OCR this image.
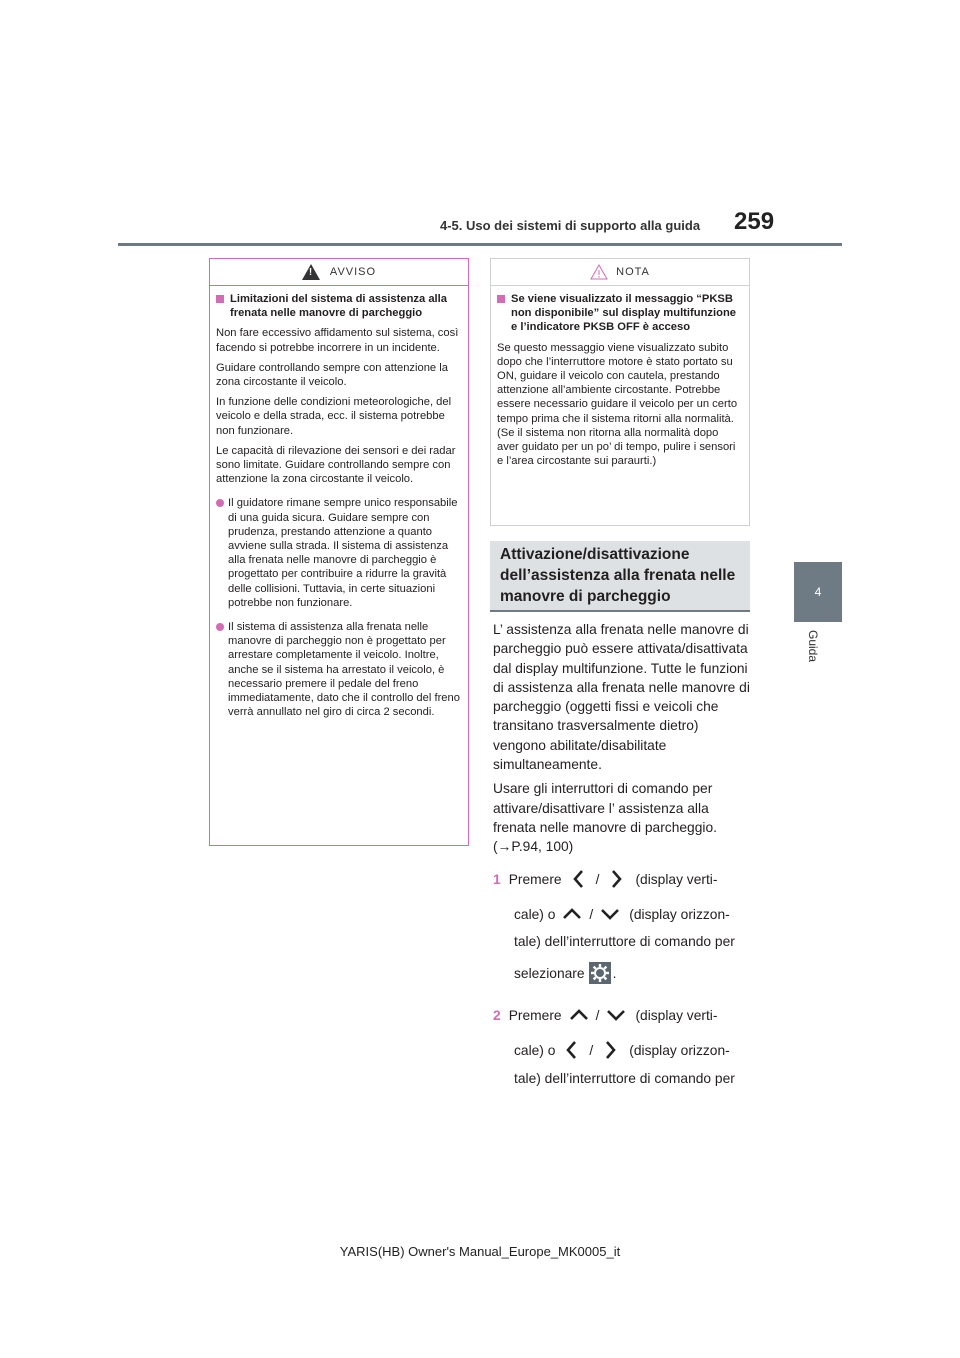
4-5. Uso dei sistemi di supporto alla guida 259
4
Guida
! AVVISO
Limitazioni del sistema di assistenza alla frenata nelle manovre di parcheggio

Non fare eccessivo affidamento sul sistema, così facendo si potrebbe incorrere in un incidente.

Guidare controllando sempre con attenzione la zona circostante il veicolo.

In funzione delle condizioni meteorologiche, del veicolo e della strada, ecc. il sistema potrebbe non funzionare.

Le capacità di rilevazione dei sensori e dei radar sono limitate. Guidare controllando sempre con attenzione la zona circostante il veicolo.

Il guidatore rimane sempre unico responsabile di una guida sicura. Guidare sempre con prudenza, prestando attenzione a quanto avviene sulla strada. Il sistema di assistenza alla frenata nelle manovre di parcheggio è progettato per contribuire a ridurre la gravità delle collisioni. Tuttavia, in certe situazioni potrebbe non funzionare.
Il sistema di assistenza alla frenata nelle manovre di parcheggio non è progettato per arrestare completamente il veicolo. Inoltre, anche se il sistema ha arrestato il veicolo, è necessario premere il pedale del freno immediatamente, dato che il controllo del freno verrà annullato nel giro di circa 2 secondi.
NOTA
Se viene visualizzato il messaggio “PKSB non disponibile” sul display multifunzione e l’indicatore PKSB OFF è acceso

Se questo messaggio viene visualizzato subito dopo che l’interruttore motore è stato portato su ON, guidare il veicolo con cautela, prestando attenzione all’ambiente circostante. Potrebbe essere necessario guidare il veicolo per un certo tempo prima che il sistema ritorni alla normalità. (Se il sistema non ritorna alla normalità dopo aver guidato per un po’ di tempo, pulire i sensori e l’area circostante sui paraurti.)

Attivazione/disattivazione dell’assistenza alla frenata nelle manovre di parcheggio

L’ assistenza alla frenata nelle manovre di parcheggio può essere attivata/disattivata dal display multifunzione. Tutte le funzioni di assistenza alla frenata nelle manovre di parcheggio (oggetti fissi e veicoli che transitano trasversalmente dietro) vengono abilitate/disabilitate simultaneamente.

Usare gli interruttori di comando per attivare/disattivare l’ assistenza alla frenata nelle manovre di parcheggio.

(→P.94, 100)

1 Premere /	(display verti-
cale) o /	(display orizzon-
tale) dell’interruttore di comando per
selezionare .
2 Premere /	(display verti-
cale) o /	(display orizzon-
tale) dell’interruttore di comando per
YARIS(HB) Owner's Manual_Europe_MK0005_it
